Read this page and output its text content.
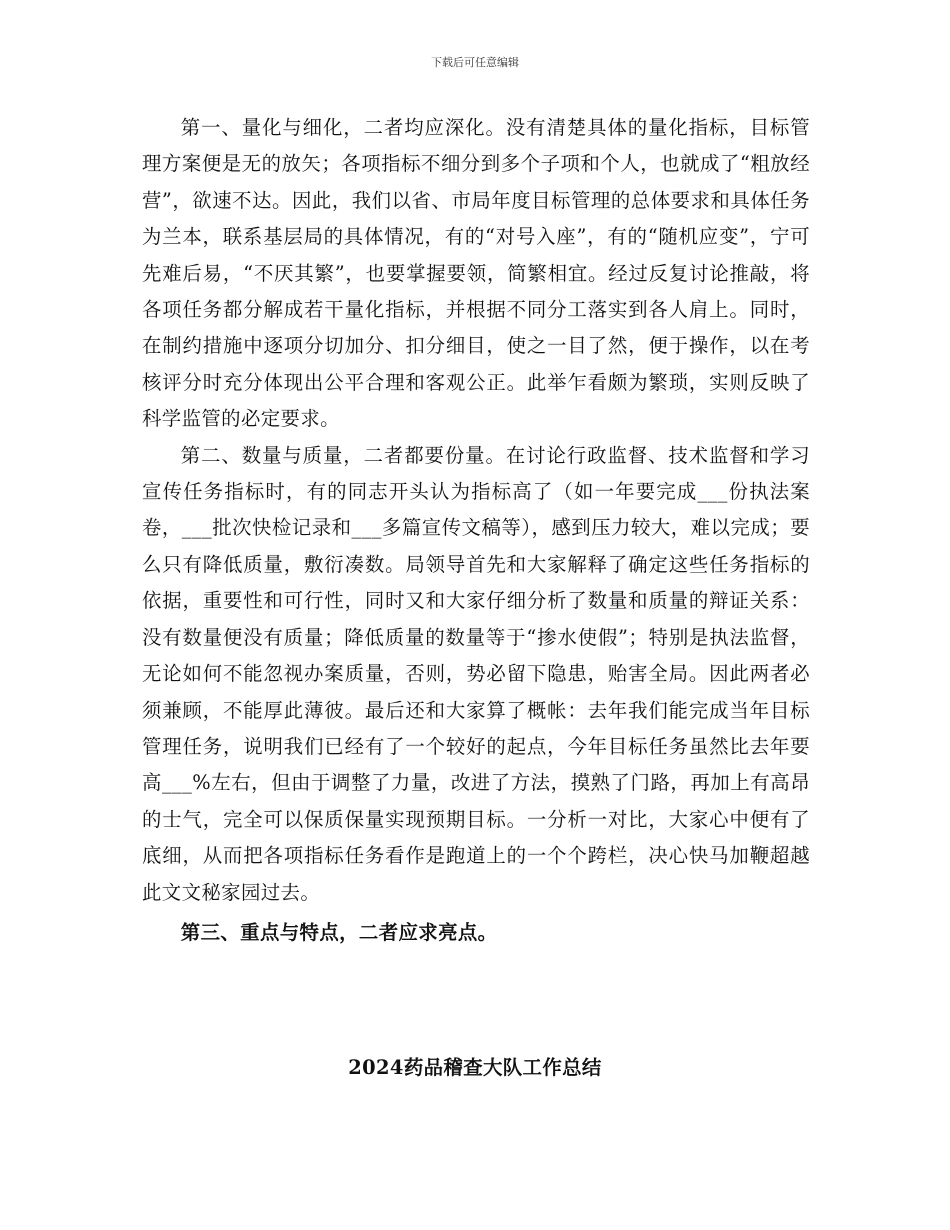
下载后可任意编辑

第一、量化与细化，二者均应深化。没有清楚具体的量化指标，目标管理方案便是无的放矢；各项指标不细分到多个子项和个人，也就成了“粗放经营”，欲速不达。因此，我们以省、市局年度目标管理的总体要求和具体任务为兰本，联系基层局的具体情况，有的“对号入座”，有的“随机应变”，宁可先难后易，“不厌其繁”，也要掌握要领，简繁相宜。经过反复讨论推敲，将各项任务都分解成若干量化指标，并根据不同分工落实到各人肩上。同时，在制约措施中逐项分切加分、扣分细目，使之一目了然，便于操作，以在考核评分时充分体现出公平合理和客观公正。此举乍看颇为繁琐，实则反映了科学监管的必定要求。

第二、数量与质量，二者都要份量。在讨论行政监督、技术监督和学习宣传任务指标时，有的同志开头认为指标高了（如一年要完成___份执法案卷，___批次快检记录和___多篇宣传文稿等），感到压力较大，难以完成；要么只有降低质量，敷衍凑数。局领导首先和大家解释了确定这些任务指标的依据，重要性和可行性，同时又和大家仔细分析了数量和质量的辩证关系：没有数量便没有质量；降低质量的数量等于“掺水使假”；特别是执法监督，无论如何不能忽视办案质量，否则，势必留下隐患，贻害全局。因此两者必须兼顾，不能厚此薄彼。最后还和大家算了概帐：去年我们能完成当年目标管理任务，说明我们已经有了一个较好的起点，今年目标任务虽然比去年要高___%左右，但由于调整了力量，改进了方法，摸熟了门路，再加上有高昂的士气，完全可以保质保量实现预期目标。一分析一对比，大家心中便有了底细，从而把各项指标任务看作是跑道上的一个个跨栏，决心快马加鞭超越此文文秘家园过去。

第三、重点与特点，二者应求亮点。

2024药品稽查大队工作总结
